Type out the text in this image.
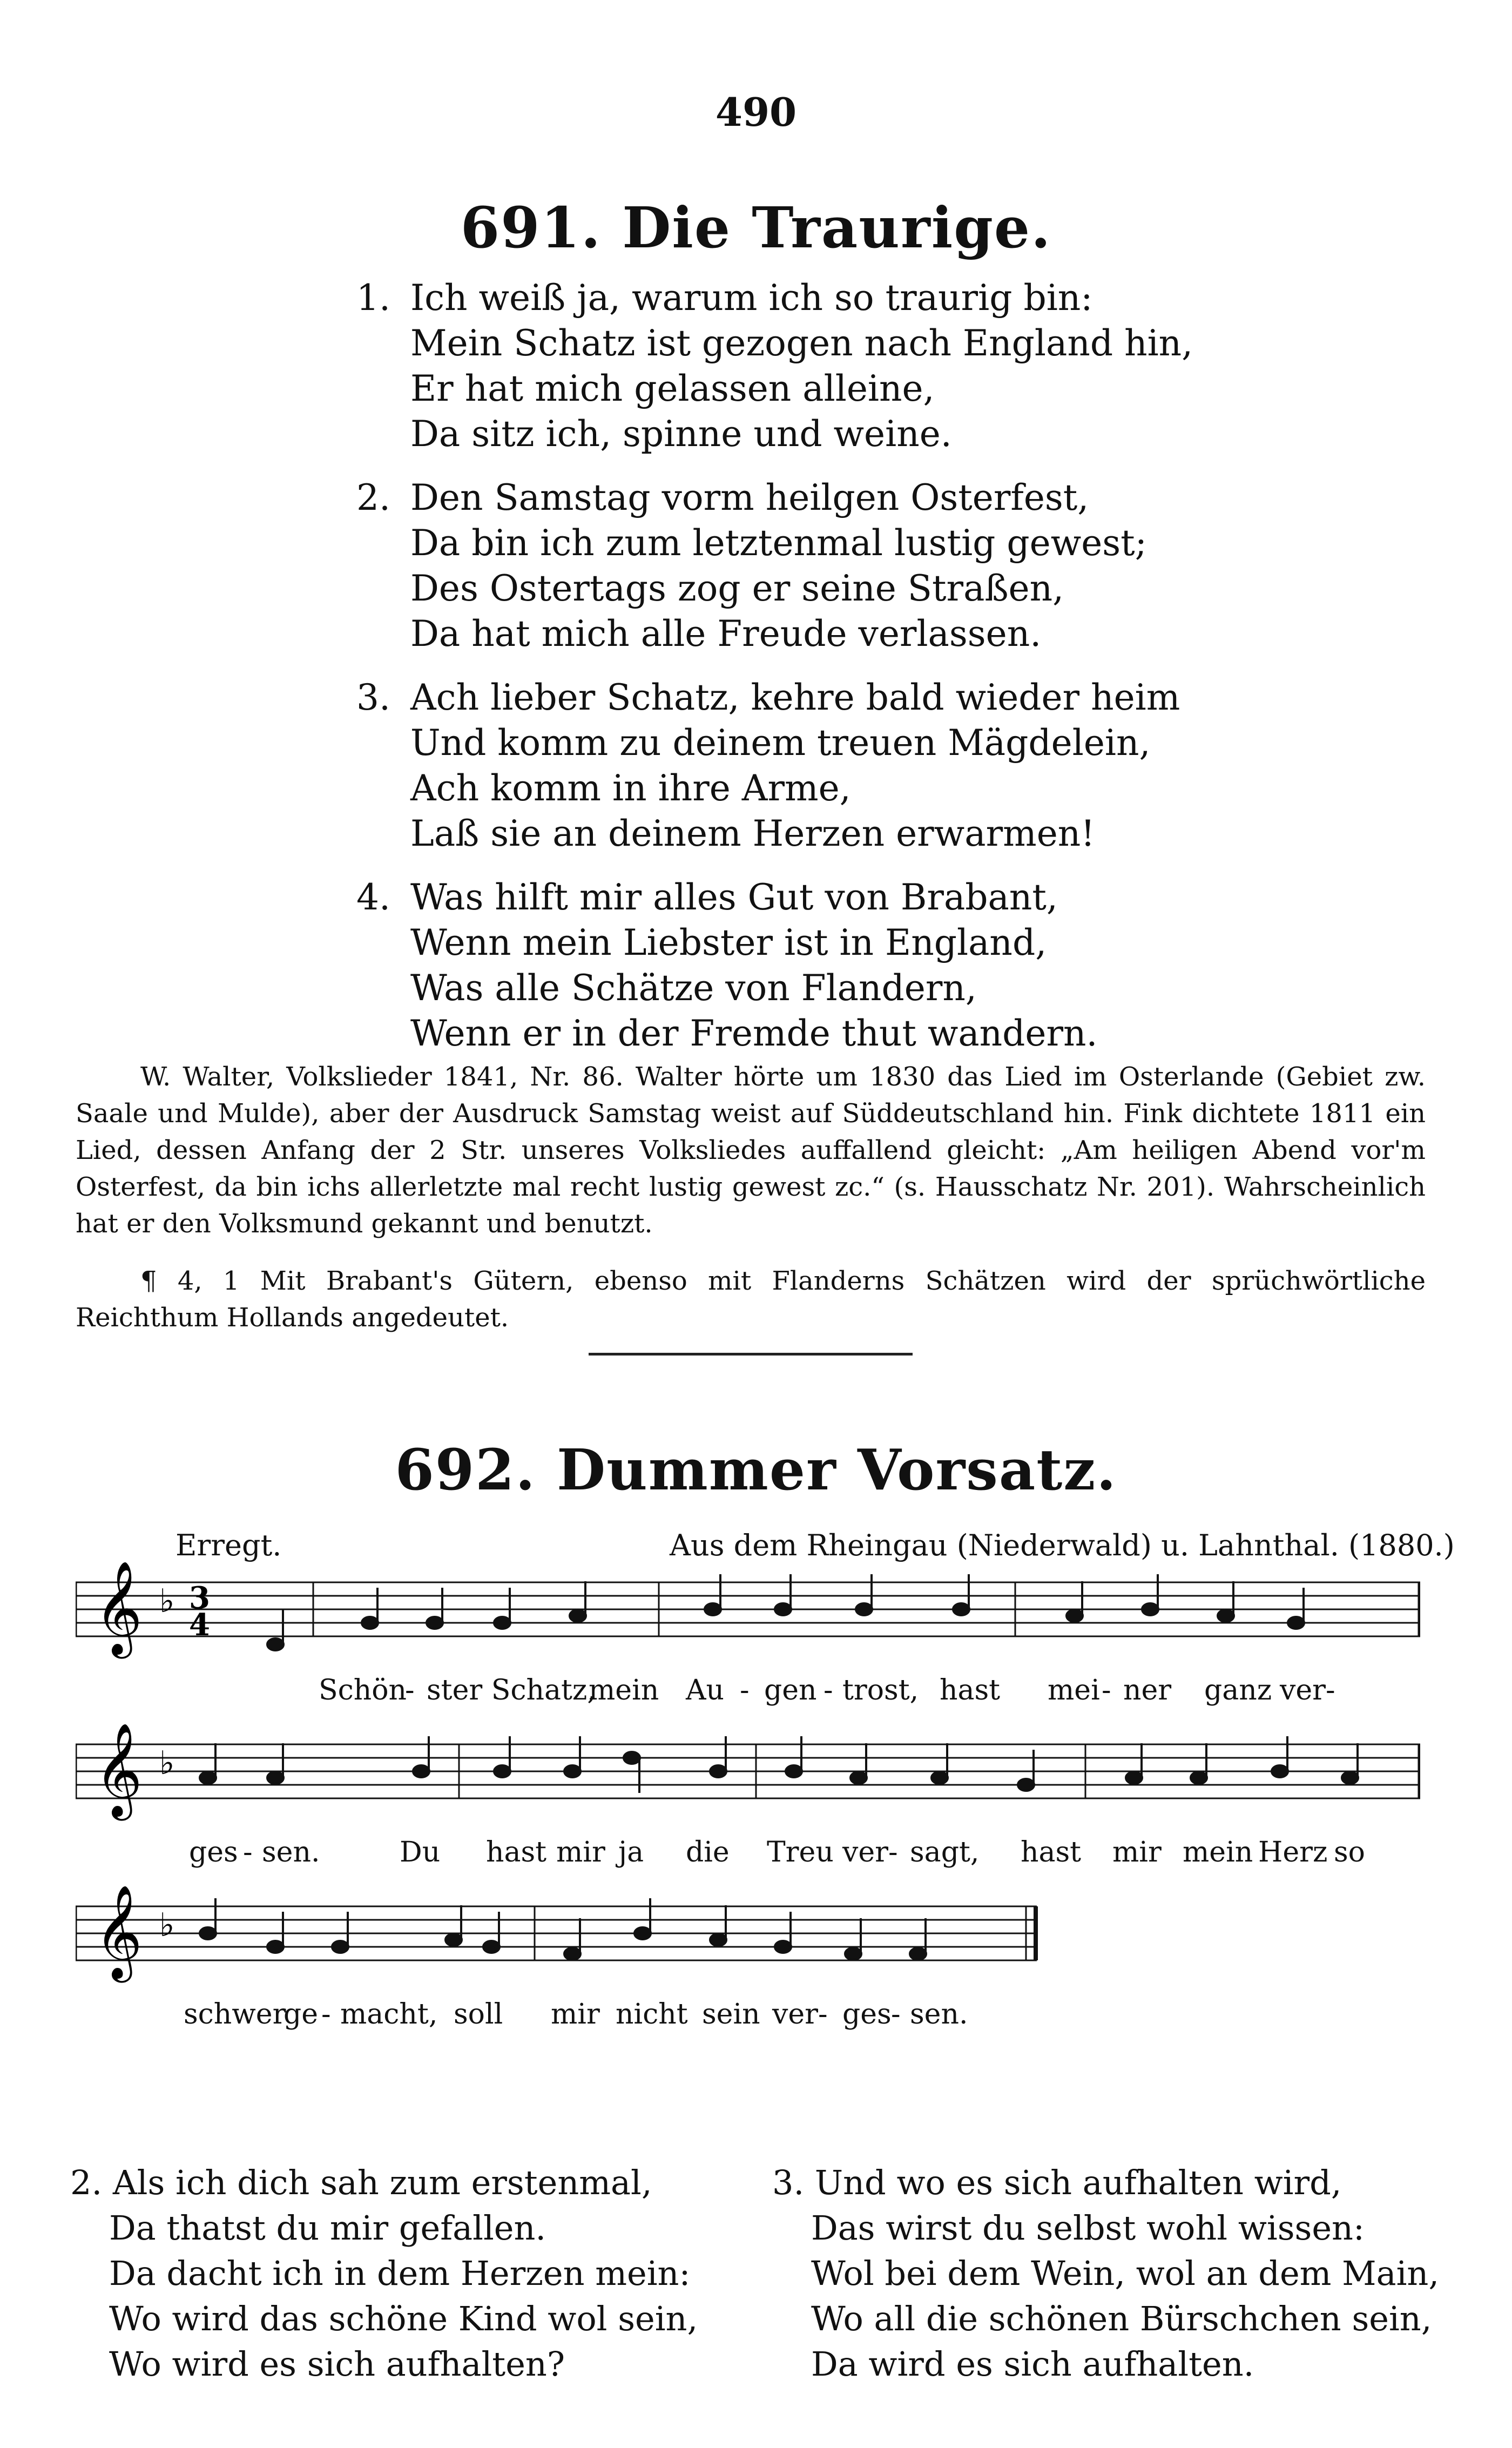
490
691. Die Traurige.
1. Ich weiß ja, warum ich so traurig bin:
Mein Schatz ist gezogen nach England hin,
Er hat mich gelassen alleine,
Da sitz ich, spinne und weine.
2. Den Samstag vorm heilgen Osterfest,
Da bin ich zum letztenmal lustig gewest;
Des Ostertags zog er seine Straßen,
Da hat mich alle Freude verlassen.
3. Ach lieber Schatz, kehre bald wieder heim
Und komm zu deinem treuen Mägdelein,
Ach komm in ihre Arme,
Laß sie an deinem Herzen erwarmen!
4. Was hilft mir alles Gut von Brabant,
Wenn mein Liebster ist in England,
Was alle Schätze von Flandern,
Wenn er in der Fremde thut wandern.

W. Walter, Volkslieder 1841, Nr. 86. Walter hörte um 1830 das Lied im Osterlande (Gebiet zw. Saale und Mulde), aber der Ausdruck Samstag weist auf Süddeutschland hin. Fink dichtete 1811 ein Lied, dessen Anfang der 2 Str. unseres Volksliedes auffallend gleicht: „Am heiligen Abend vor'm Osterfest, da bin ichs allerletzte mal recht lustig gewest zc.“ (s. Hausschatz Nr. 201). Wahrscheinlich hat er den Volksmund gekannt und benutzt.

¶ 4, 1 Mit Brabant's Gütern, ebenso mit Flanderns Schätzen wird der sprüchwörtliche Reichthum Hollands angedeutet.

692. Dummer Vorsatz.
Erregt.	Aus dem Rheingau (Niederwald) u. Lahnthal. (1880.)
𝄞 ♭ 3
4
Schön
- ster Schatz,
mein Au - gen - trost, hast mei - ner ganz ver-
𝄞 ♭
ges - sen.	Du hast mir ja die Treu ver - sagt, hast mir mein Herz so
𝄞 ♭
schwer
ge - macht, soll mir nicht sein ver - ges - sen.
2. Als ich dich sah zum erstenmal,
Da thatst du mir gefallen.
Da dacht ich in dem Herzen mein:
Wo wird das schöne Kind wol sein,
Wo wird es sich aufhalten?
3. Und wo es sich aufhalten wird,
Das wirst du selbst wohl wissen:
Wol bei dem Wein, wol an dem Main,
Wo all die schönen Bürschchen sein,
Da wird es sich aufhalten.
